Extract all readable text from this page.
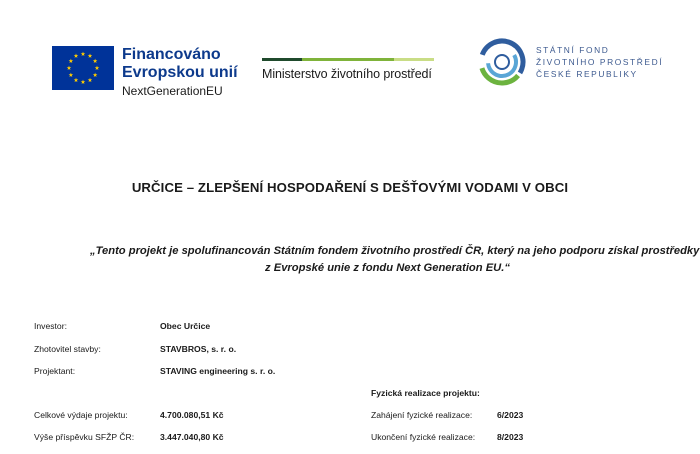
Financováno
Evropskou unií
NextGenerationEU
Ministerstvo životního prostředí
STÁTNÍ FOND
ŽIVOTNÍHO PROSTŘEDÍ
ČESKÉ REPUBLIKY
URČICE – ZLEPŠENÍ HOSPODAŘENÍ S DEŠŤOVÝMI VODAMI V OBCI
„Tento projekt je spolufinancován Státním fondem životního prostředí ČR, který na jeho podporu získal prostředky
z Evropské unie z fondu Next Generation EU.“
Investor:	Obec Určice
Zhotovitel stavby:	STAVBROS, s. r. o.
Projektant:	STAVING engineering s. r. o.
Celkové výdaje projektu:	4.700.080,51 Kč
Výše příspěvku SFŽP ČR:	3.447.040,80 Kč
Fyzická realizace projektu:
Zahájení fyzické realizace:	6/2023
Ukončení fyzické realizace:	8/2023
